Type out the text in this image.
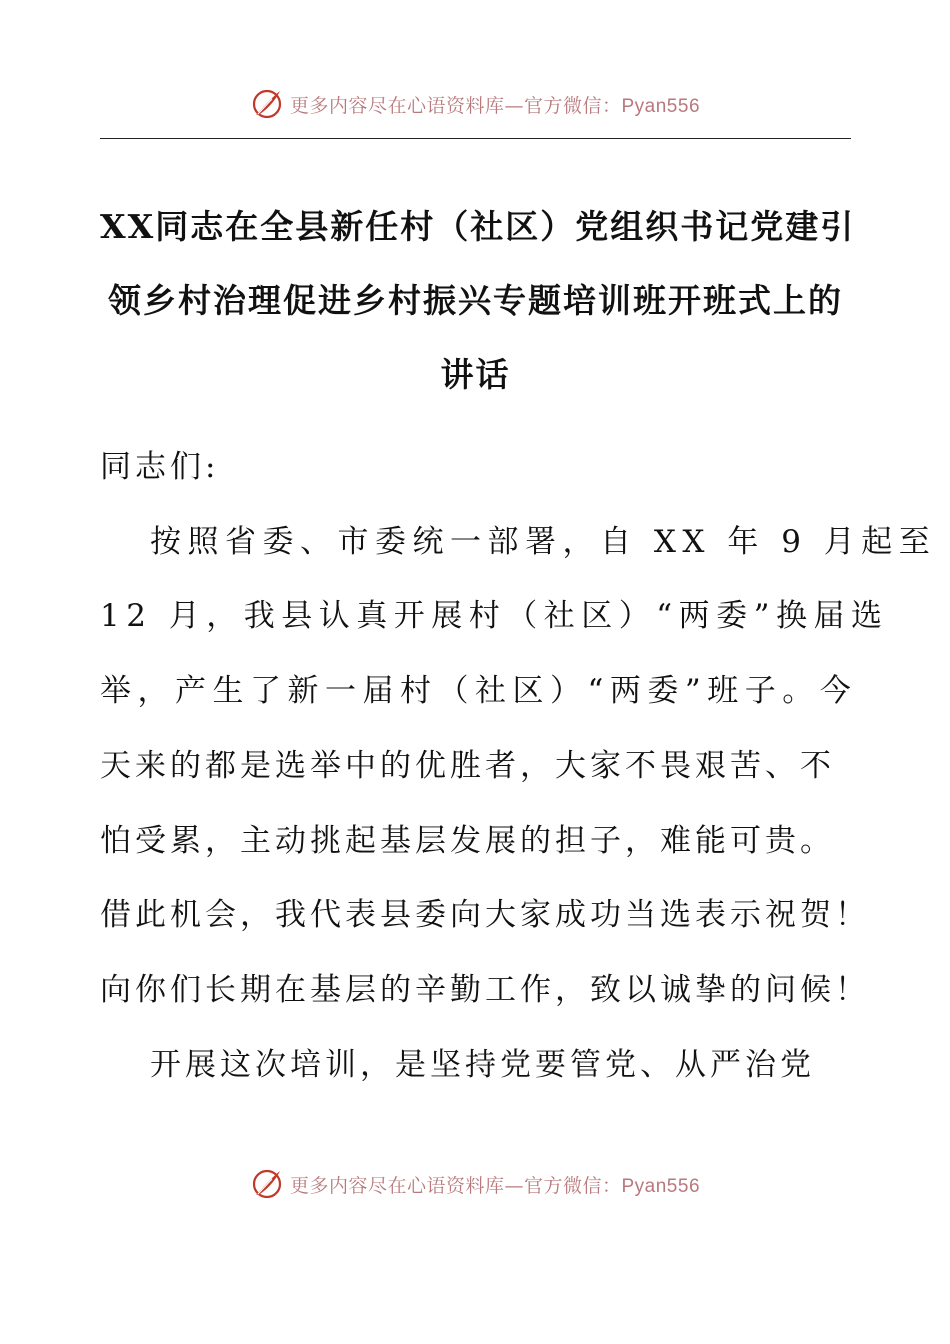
更多内容尽在心语资料库—官方微信：Pyan556
XX同志在全县新任村（社区）党组织书记党建引
领乡村治理促进乡村振兴专题培训班开班式上的
讲话
同志们:
按照省委、市委统一部署，自 XX 年 9 月起至
12 月，我县认真开展村（社区）“两委”换届选
举，产生了新一届村（社区）“两委”班子。今
天来的都是选举中的优胜者，大家不畏艰苦、不
怕受累，主动挑起基层发展的担子，难能可贵。
借此机会，我代表县委向大家成功当选表示祝贺！
向你们长期在基层的辛勤工作，致以诚挚的问候！
开展这次培训，是坚持党要管党、从严治党
更多内容尽在心语资料库—官方微信：Pyan556
